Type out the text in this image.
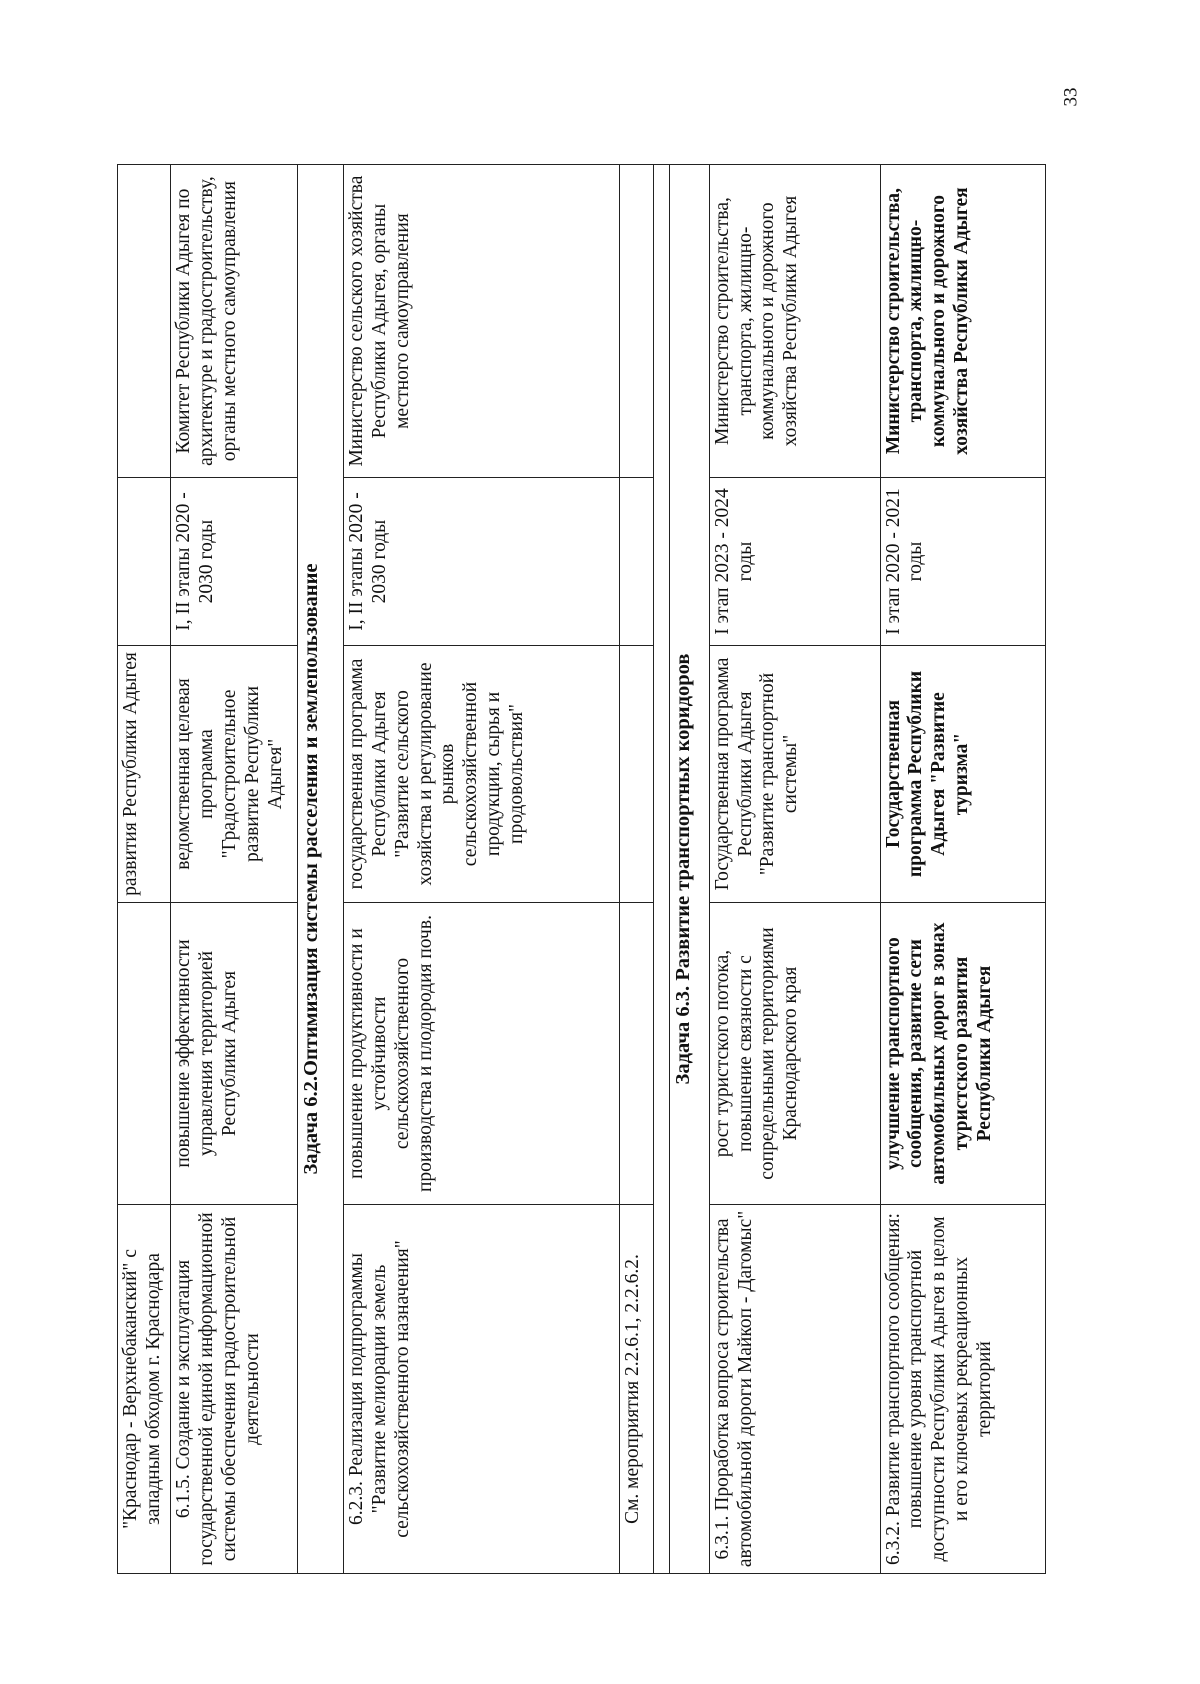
33
"Краснодар - Верхнебаканский" с западным обходом г. Краснодара		развития Республики Адыгея		
6.1.5. Создание и эксплуатация государственной единой информационной системы обеспечения градостроительной деятельности	повышение эффективности управления территорией Республики Адыгея	ведомственная целевая программа "Градостроительное развитие Республики Адыгея"	I, II этапы 2020 - 2030 годы	Комитет Республики Адыгея по архитектуре и градостроительству, органы местного самоуправления
Задача 6.2.Оптимизация системы расселения и землепользование				
6.2.3. Реализация подпрограммы "Развитие мелиорации земель сельскохозяйственного назначения"	повышение продуктивности и устойчивости сельскохозяйственного производства и плодородия почв.	государственная программа Республики Адыгея "Развитие сельского хозяйства и регулирование рынков сельскохозяйственной продукции, сырья и продовольствия"	I, II этапы 2020 - 2030 годы	Министерство сельского хозяйства Республики Адыгея, органы местного самоуправления
См. мероприятия 2.2.6.1, 2.2.6.2.				

Задача 6.3. Развитие транспортных коридоров				
6.3.1. Проработка вопроса строительства автомобильной дороги Майкоп - Дагомыс"	рост туристского потока, повышение связности с сопредельными территориями Краснодарского края	Государственная программа Республики Адыгея "Развитие транспортной системы"	I этап 2023 - 2024 годы	Министерство строительства, транспорта, жилищно-коммунального и дорожного хозяйства Республики Адыгея
6.3.2. Развитие транспортного сообщения: повышение уровня транспортной доступности Республики Адыгея в целом и его ключевых рекреационных территорий	улучшение транспортного сообщения, развитие сети автомобильных дорог в зонах туристского развития Республики Адыгея	Государственная программа Республики Адыгея "Развитие туризма"	I этап 2020 - 2021 годы	Министерство строительства, транспорта, жилищно-коммунального и дорожного хозяйства Республики Адыгея
